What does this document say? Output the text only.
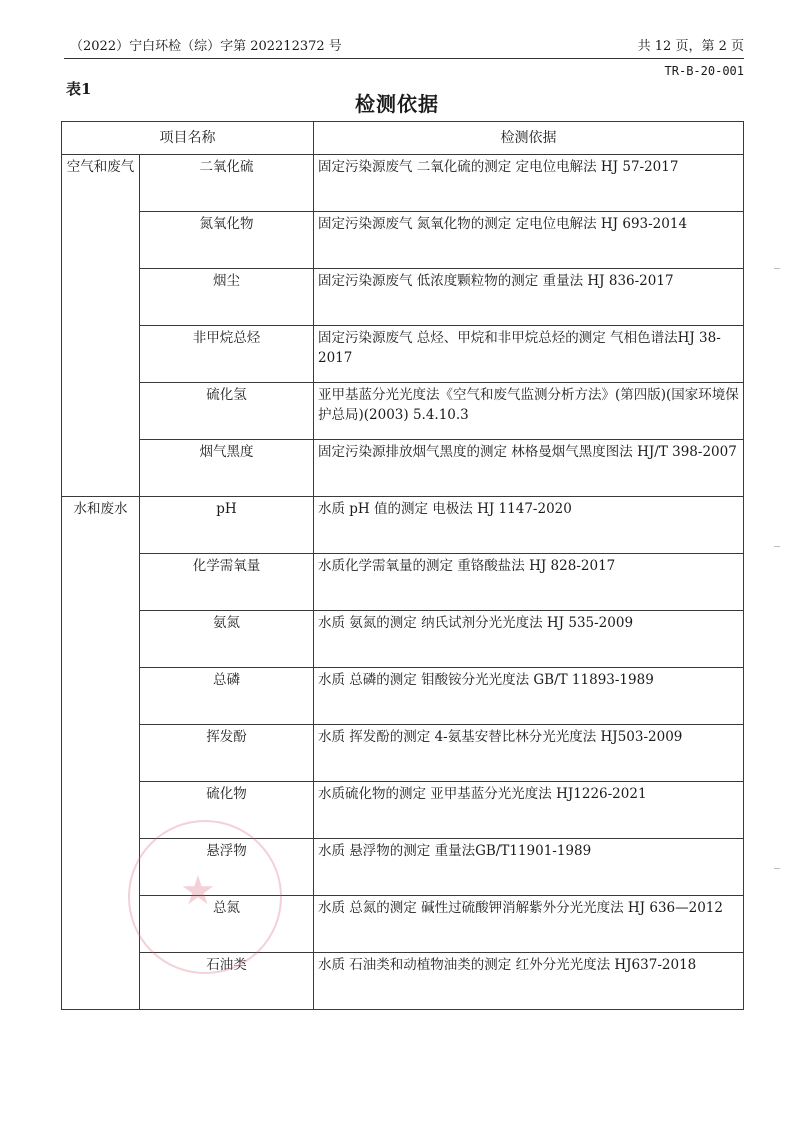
（2022）宁白环检（综）字第 202212372 号	共 12 页，第 2 页
TR-B-20-001
表1
检测依据
项目名称		检测依据
空气和废气	二氧化硫	固定污染源废气 二氧化硫的测定 定电位电解法 HJ 57-2017
	氮氧化物	固定污染源废气 氮氧化物的测定 定电位电解法 HJ 693-2014
	烟尘	固定污染源废气 低浓度颗粒物的测定 重量法 HJ 836-2017
	非甲烷总烃	固定污染源废气 总烃、甲烷和非甲烷总烃的测定 气相色谱法HJ 38-2017
	硫化氢	亚甲基蓝分光光度法《空气和废气监测分析方法》(第四版)(国家环境保护总局)(2003) 5.4.10.3
	烟气黑度	固定污染源排放烟气黑度的测定 林格曼烟气黑度图法 HJ/T 398-2007
水和废水	pH	水质 pH 值的测定 电极法 HJ 1147-2020
	化学需氧量	水质化学需氧量的测定 重铬酸盐法 HJ 828-2017
	氨氮	水质 氨氮的测定 纳氏试剂分光光度法 HJ 535-2009
	总磷	水质 总磷的测定 钼酸铵分光光度法 GB/T 11893-1989
	挥发酚	水质 挥发酚的测定 4-氨基安替比林分光光度法 HJ503-2009
	硫化物	水质硫化物的测定 亚甲基蓝分光光度法 HJ1226-2021
	悬浮物	水质 悬浮物的测定 重量法GB/T11901-1989
	总氮	水质 总氮的测定 碱性过硫酸钾消解紫外分光光度法 HJ 636—2012
	石油类	水质 石油类和动植物油类的测定 红外分光光度法 HJ637-2018
★
